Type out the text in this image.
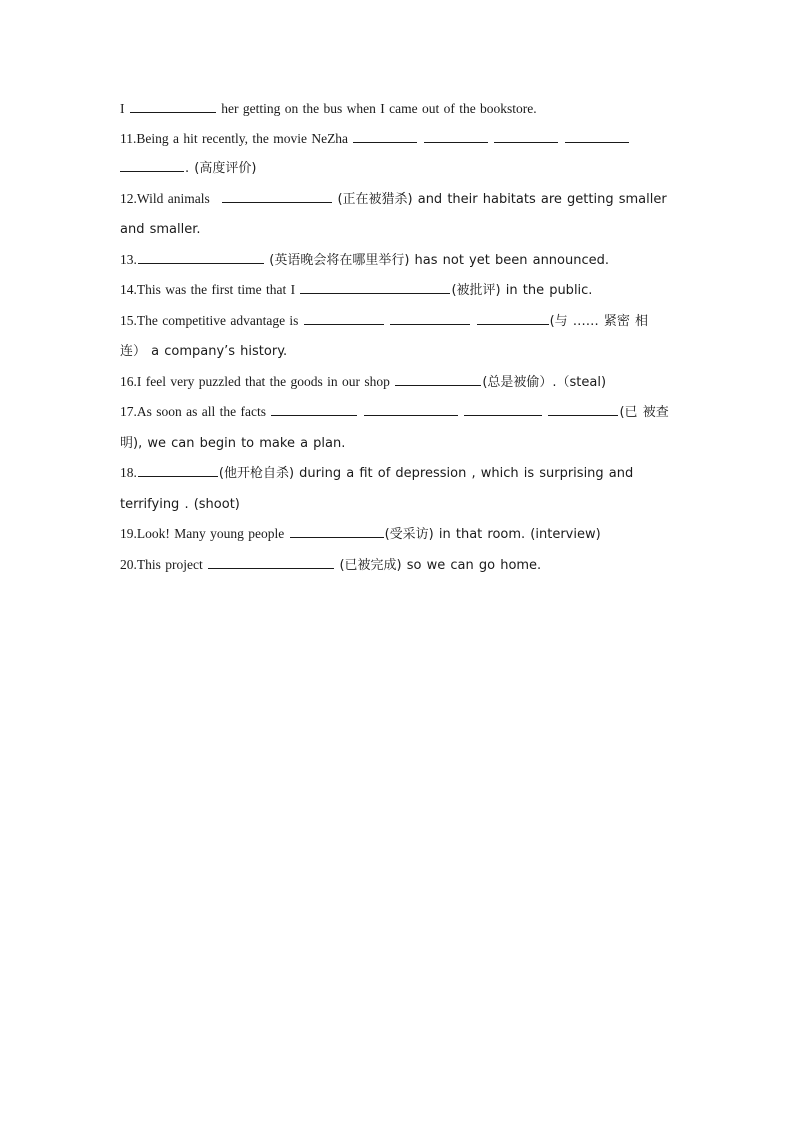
I	her getting on the bus when I came out of the bookstore.

11.Being a hit recently, the movie NeZha
. (高度评价)

12.Wild animals	(正在被猎杀) and their habitats are getting smaller and smaller.

13.	(英语晚会将在哪里举行) has not yet been announced.

14.This was the first time that I	(被批评) in the public.

15.The competitive advantage is	(与 …… 紧密 相连） a company’s history.

16.I feel very puzzled that the goods in our shop	(总是被偷）.（steal)

17.As soon as all the facts	(已 被查明), we can begin to make a plan.

18.	(他开枪自杀) during a fit of depression , which is surprising and terrifying . (shoot)

19.Look! Many young people	(受采访) in that room. (interview)

20.This project	(已被完成) so we can go home.
